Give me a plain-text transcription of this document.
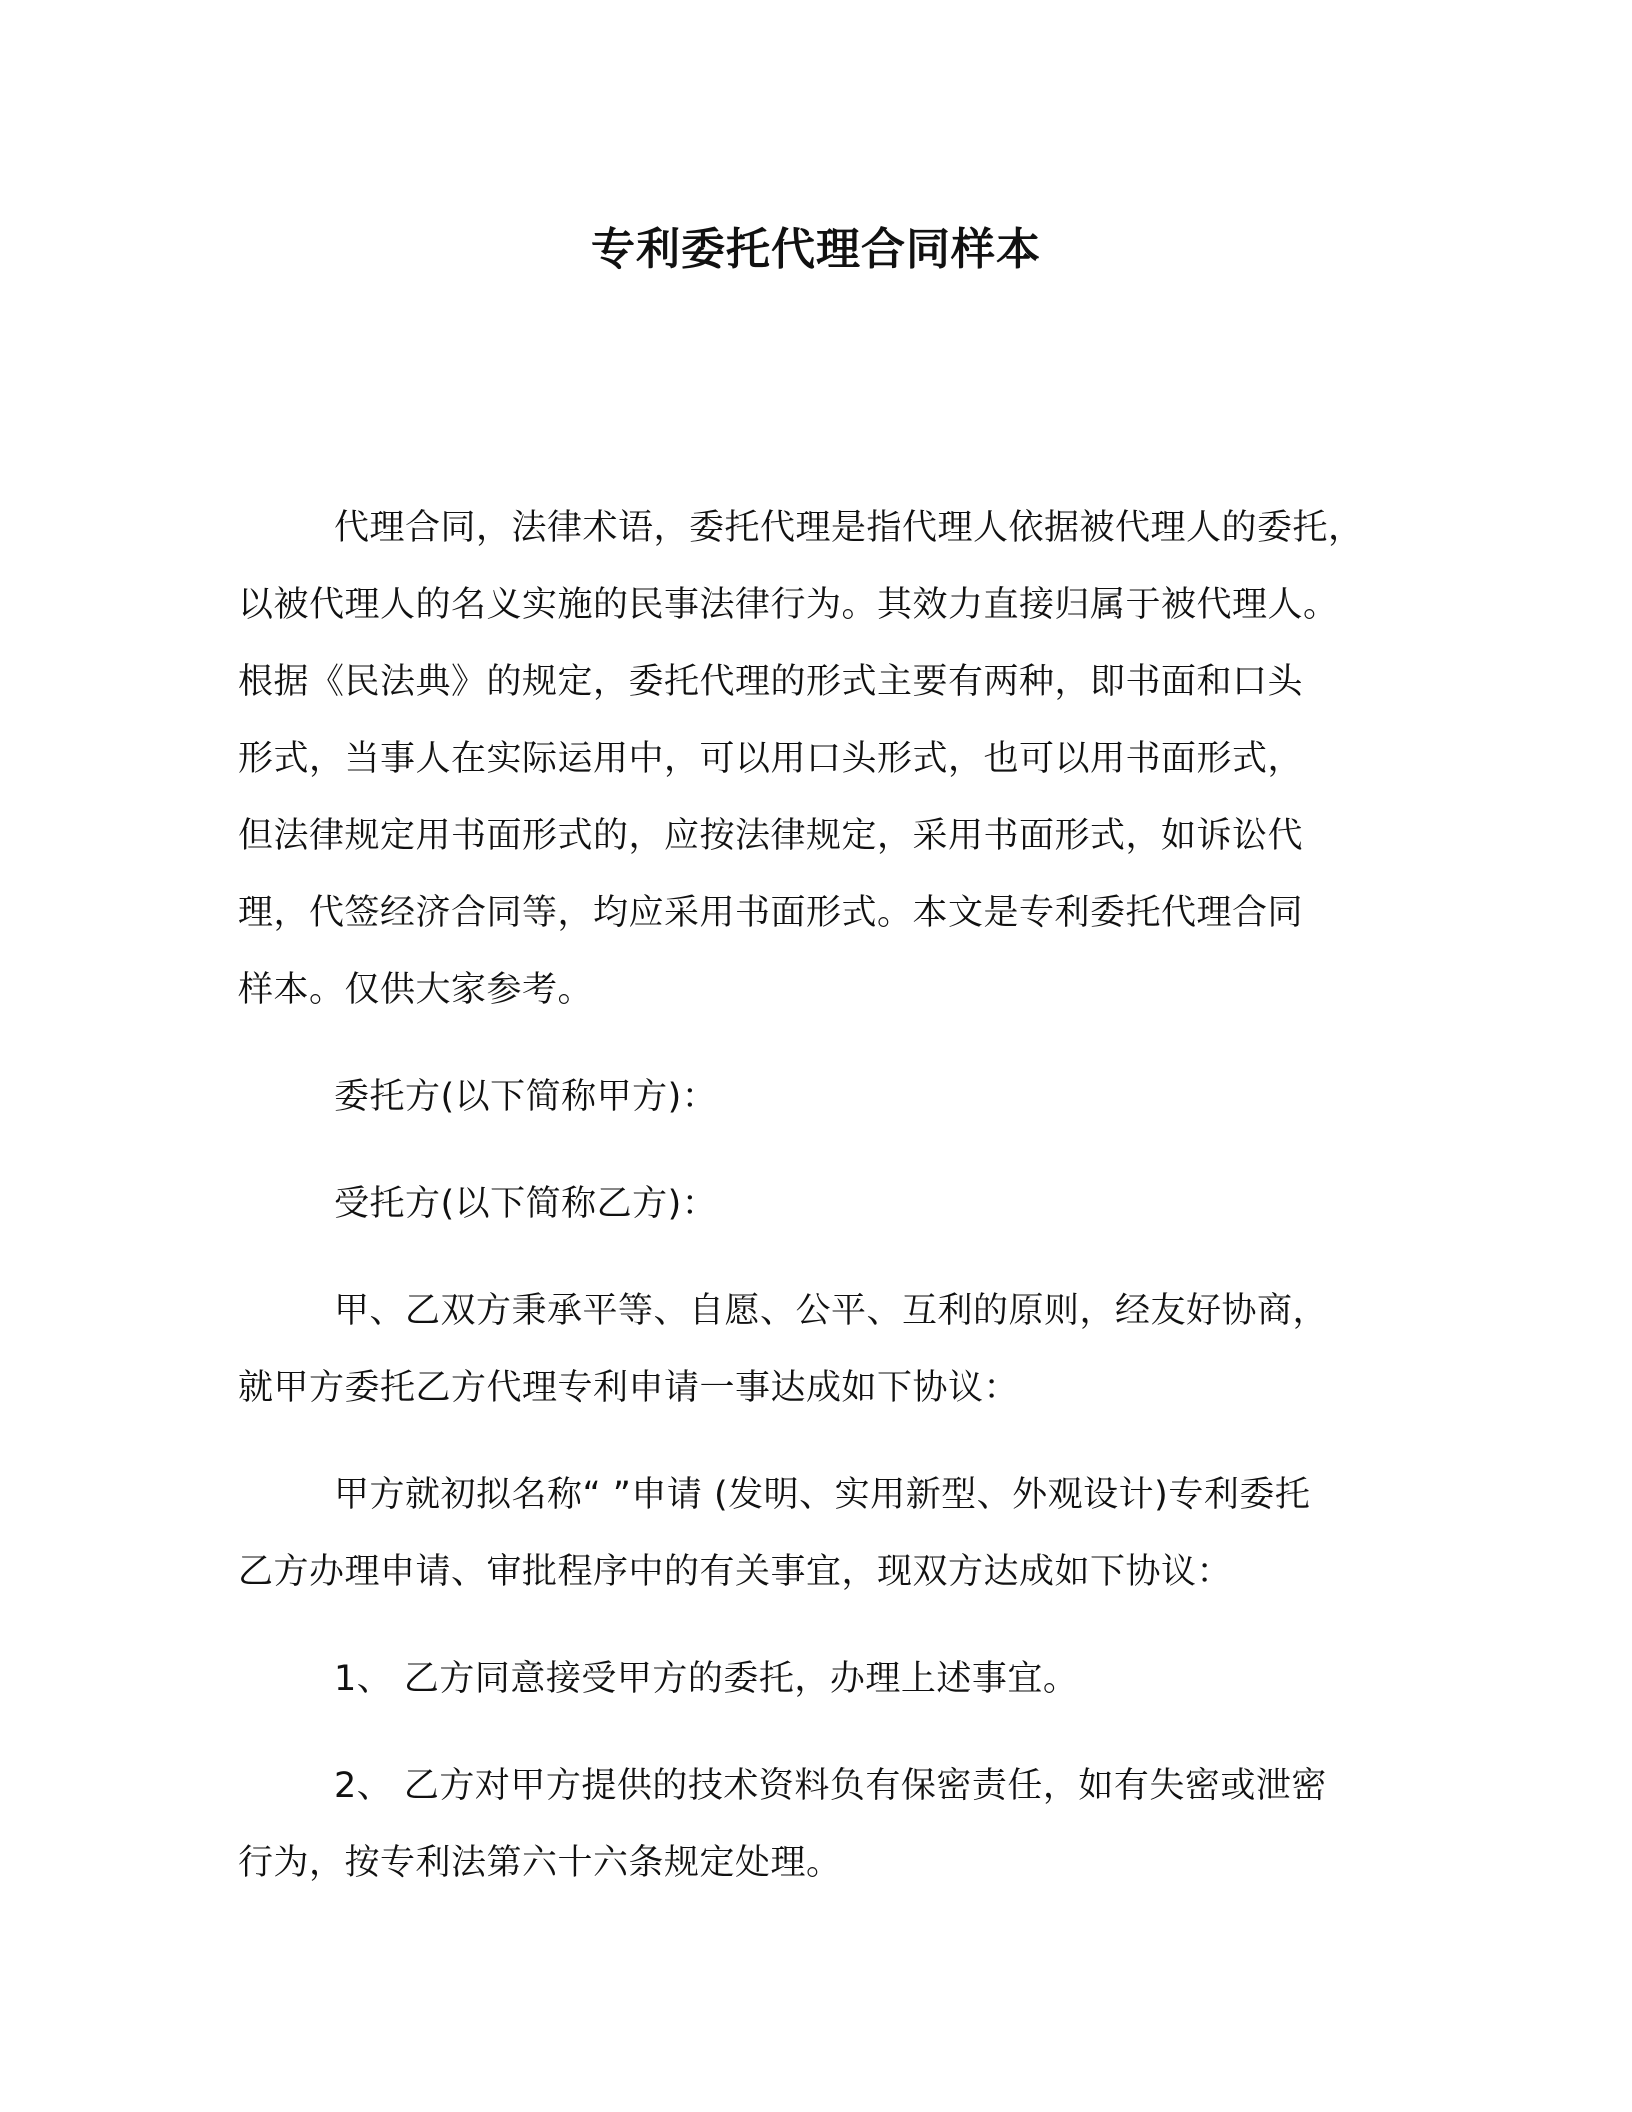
专利委托代理合同样本

代理合同，法律术语，委托代理是指代理人依据被代理人的委托，
以被代理人的名义实施的民事法律行为。其效力直接归属于被代理人。
根据《民法典》的规定，委托代理的形式主要有两种，即书面和口头
形式，当事人在实际运用中，可以用口头形式，也可以用书面形式，
但法律规定用书面形式的，应按法律规定，采用书面形式，如诉讼代
理，代签经济合同等，均应采用书面形式。本文是专利委托代理合同
样本。仅供大家参考。

委托方(以下简称甲方)：

受托方(以下简称乙方)：

甲、乙双方秉承平等、自愿、公平、互利的原则，经友好协商，
就甲方委托乙方代理专利申请一事达成如下协议：

甲方就初拟名称“ ”申请 (发明、实用新型、外观设计)专利委托
乙方办理申请、审批程序中的有关事宜，现双方达成如下协议：

1、 乙方同意接受甲方的委托，办理上述事宜。

2、 乙方对甲方提供的技术资料负有保密责任，如有失密或泄密
行为，按专利法第六十六条规定处理。
